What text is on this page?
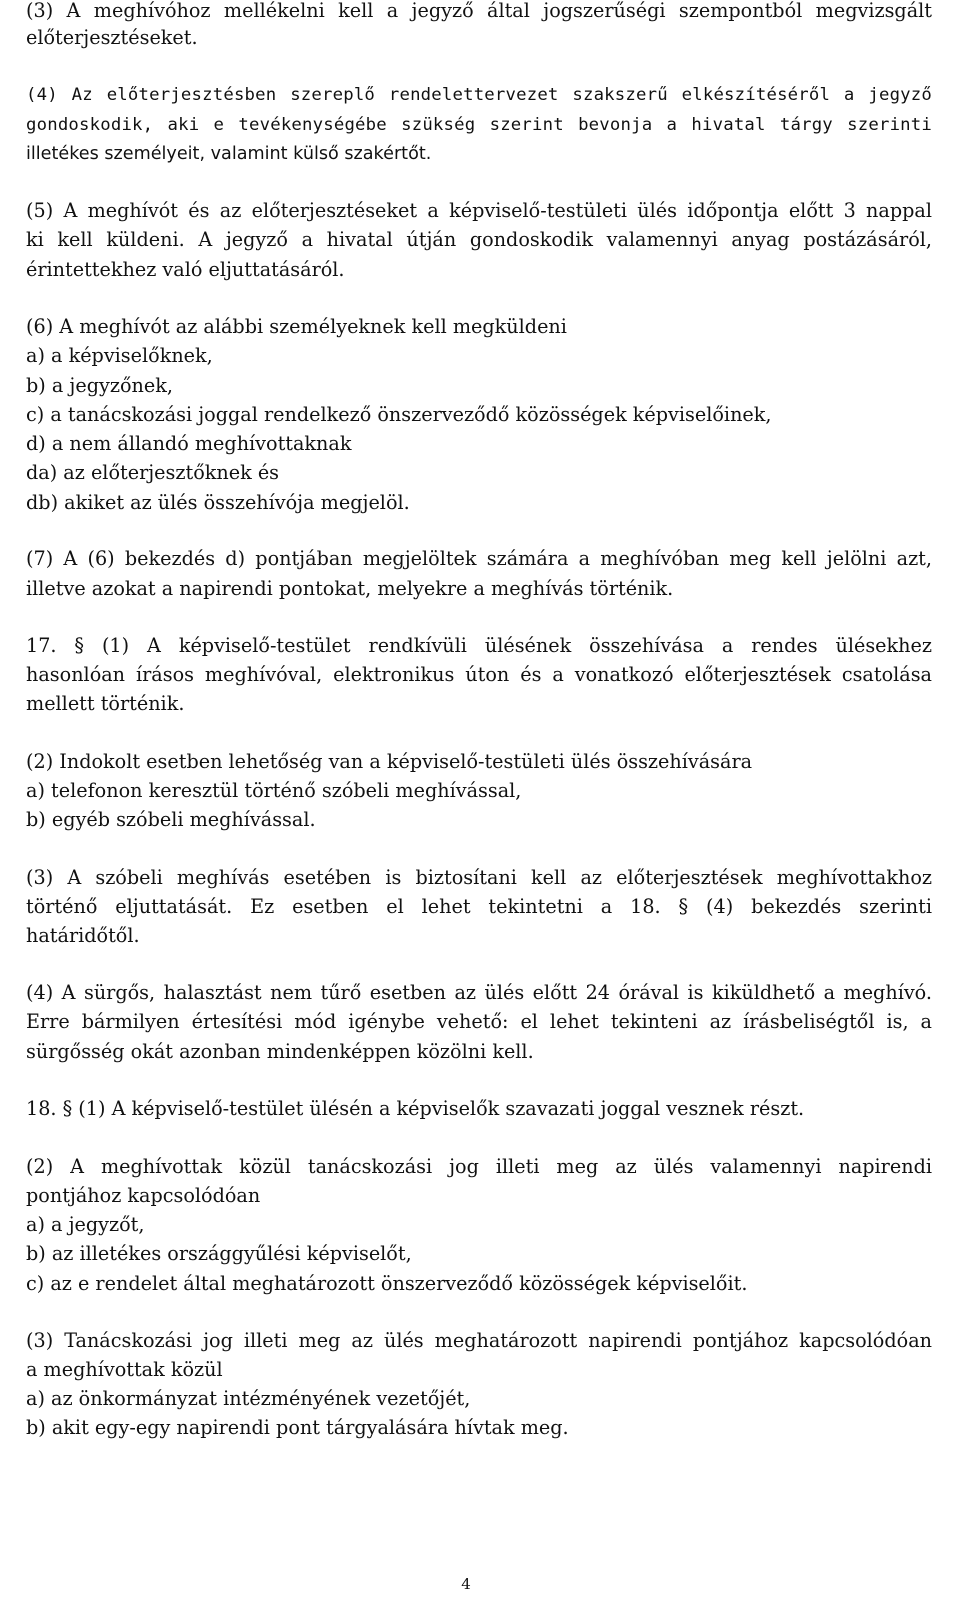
(3) A meghívóhoz mellékelni kell a jegyző által jogszerűségi szempontból megvizsgált
előterjesztéseket.
(4) Az előterjesztésben szereplő rendelettervezet szakszerű elkészítéséről a jegyző
gondoskodik, aki e tevékenységébe szükség szerint bevonja a hivatal tárgy szerinti
illetékes személyeit, valamint külső szakértőt.
(5) A meghívót és az előterjesztéseket a képviselő-testületi ülés időpontja előtt 3 nappal
ki kell küldeni. A jegyző a hivatal útján gondoskodik valamennyi anyag postázásáról,
érintettekhez való eljuttatásáról.
(6) A meghívót az alábbi személyeknek kell megküldeni
a) a képviselőknek,
b) a jegyzőnek,
c) a tanácskozási joggal rendelkező önszerveződő közösségek képviselőinek,
d) a nem állandó meghívottaknak
da) az előterjesztőknek és
db) akiket az ülés összehívója megjelöl.
(7) A (6) bekezdés d) pontjában megjelöltek számára a meghívóban meg kell jelölni azt,
illetve azokat a napirendi pontokat, melyekre a meghívás történik.
17. § (1) A képviselő-testület rendkívüli ülésének összehívása a rendes ülésekhez
hasonlóan írásos meghívóval, elektronikus úton és a vonatkozó előterjesztések csatolása
mellett történik.
(2) Indokolt esetben lehetőség van a képviselő-testületi ülés összehívására
a) telefonon keresztül történő szóbeli meghívással,
b) egyéb szóbeli meghívással.
(3) A szóbeli meghívás esetében is biztosítani kell az előterjesztések meghívottakhoz
történő eljuttatását. Ez esetben el lehet tekintetni a 18. § (4) bekezdés szerinti
határidőtől.
(4) A sürgős, halasztást nem tűrő esetben az ülés előtt 24 órával is kiküldhető a meghívó.
Erre bármilyen értesítési mód igénybe vehető: el lehet tekinteni az írásbeliségtől is, a
sürgősség okát azonban mindenképpen közölni kell.
18. § (1) A képviselő-testület ülésén a képviselők szavazati joggal vesznek részt.
(2) A meghívottak közül tanácskozási jog illeti meg az ülés valamennyi napirendi
pontjához kapcsolódóan
a) a jegyzőt,
b) az illetékes országgyűlési képviselőt,
c) az e rendelet által meghatározott önszerveződő közösségek képviselőit.
(3) Tanácskozási jog illeti meg az ülés meghatározott napirendi pontjához kapcsolódóan
a meghívottak közül
a) az önkormányzat intézményének vezetőjét,
b) akit egy-egy napirendi pont tárgyalására hívtak meg.
4
